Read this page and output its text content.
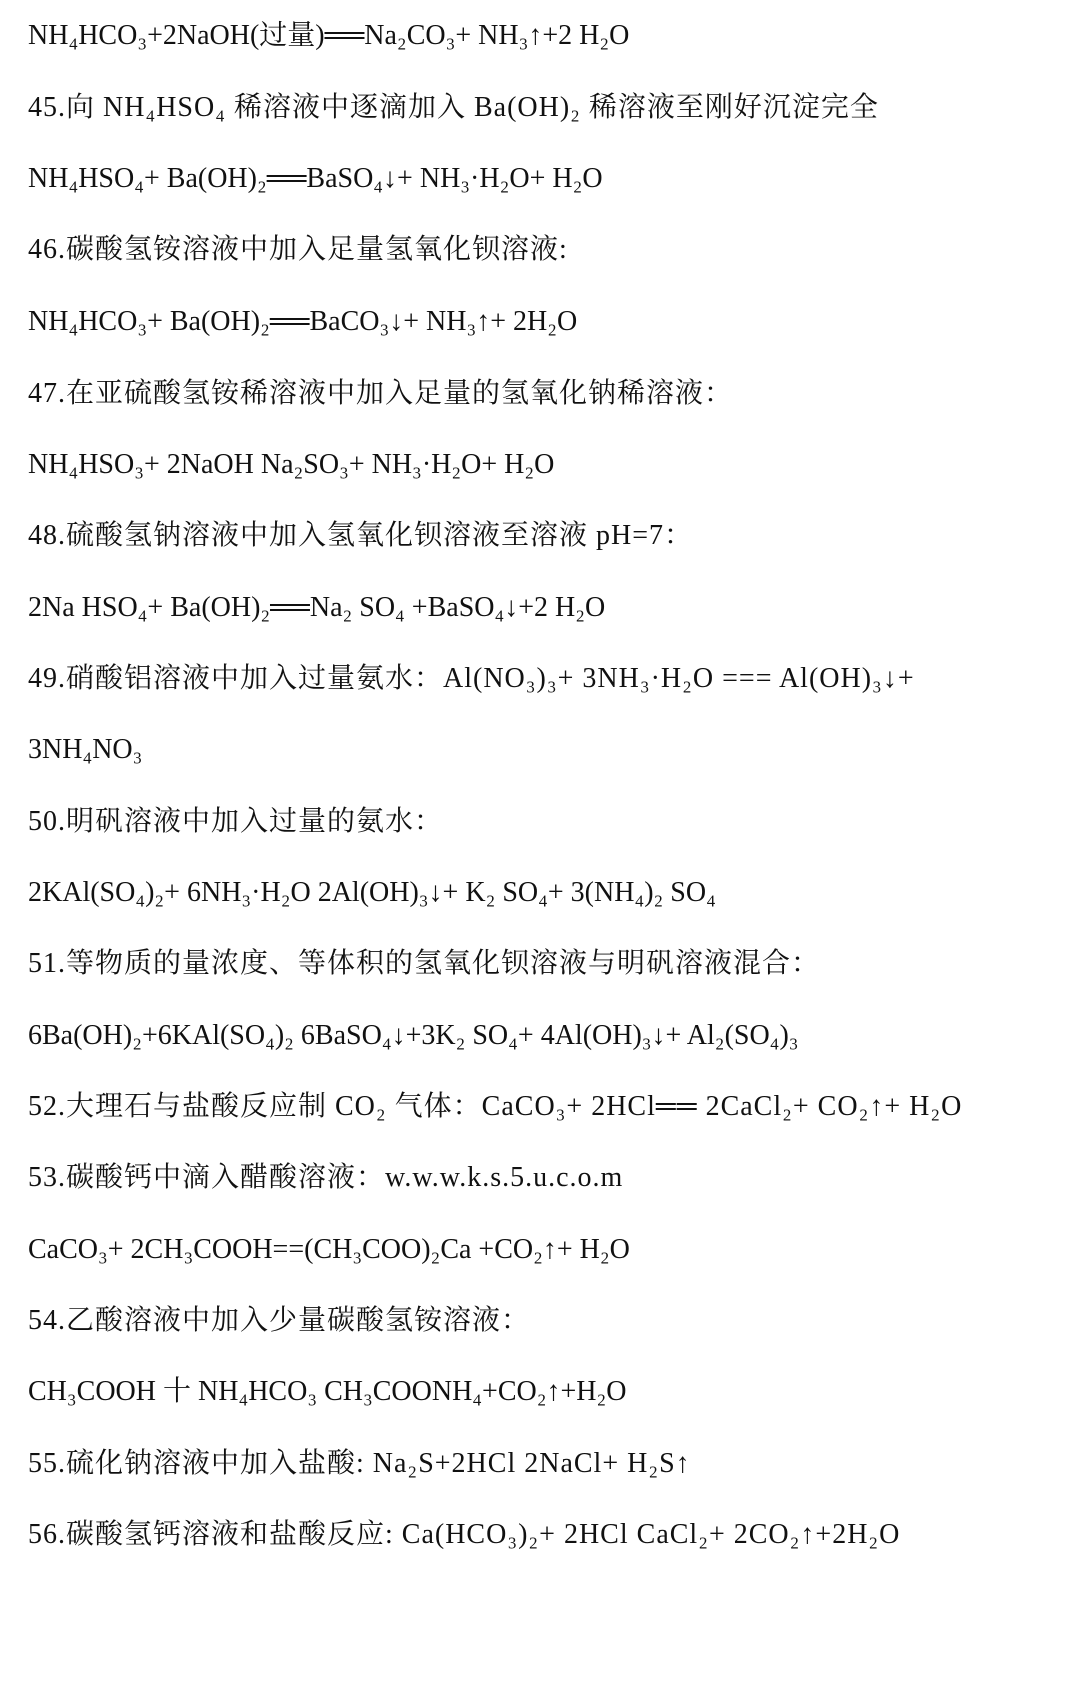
NH₄HCO₃+2NaOH(过量)══Na₂CO₃+ NH₃↑+2 H₂O
45.向 NH₄HSO₄ 稀溶液中逐滴加入 Ba(OH)₂ 稀溶液至刚好沉淀完全
NH₄HSO₄+ Ba(OH)₂══BaSO₄↓+ NH₃·H₂O+ H₂O
46.碳酸氢铵溶液中加入足量氢氧化钡溶液:
NH₄HCO₃+ Ba(OH)₂══BaCO₃↓+ NH₃↑+ 2H₂O
47.在亚硫酸氢铵稀溶液中加入足量的氢氧化钠稀溶液：
NH₄HSO₃+ 2NaOH Na₂SO₃+ NH₃·H₂O+ H₂O
48.硫酸氢钠溶液中加入氢氧化钡溶液至溶液 pH=7：
2Na HSO₄+ Ba(OH)₂══Na₂ SO₄ +BaSO₄↓+2 H₂O
49.硝酸铝溶液中加入过量氨水：Al(NO₃)₃+ 3NH₃·H₂O === Al(OH)₃↓+
3NH₄NO₃
50.明矾溶液中加入过量的氨水：
2KAl(SO₄)₂+ 6NH₃·H₂O 2Al(OH)₃↓+ K₂ SO₄+ 3(NH₄)₂ SO₄
51.等物质的量浓度、等体积的氢氧化钡溶液与明矾溶液混合：
6Ba(OH)₂+6KAl(SO₄)₂ 6BaSO₄↓+3K₂ SO₄+ 4Al(OH)₃↓+ Al₂(SO₄)₃
52.大理石与盐酸反应制 CO₂ 气体：CaCO₃+ 2HCl══ 2CaCl₂+ CO₂↑+ H₂O
53.碳酸钙中滴入醋酸溶液：w.w.w.k.s.5.u.c.o.m
CaCO₃+ 2CH₃COOH==(CH₃COO)₂Ca +CO₂↑+ H₂O
54.乙酸溶液中加入少量碳酸氢铵溶液：
CH₃COOH 十 NH₄HCO₃ CH₃COONH₄+CO₂↑+H₂O
55.硫化钠溶液中加入盐酸: Na₂S+2HCl 2NaCl+ H₂S↑
56.碳酸氢钙溶液和盐酸反应: Ca(HCO₃)₂+ 2HCl CaCl₂+ 2CO₂↑+2H₂O
